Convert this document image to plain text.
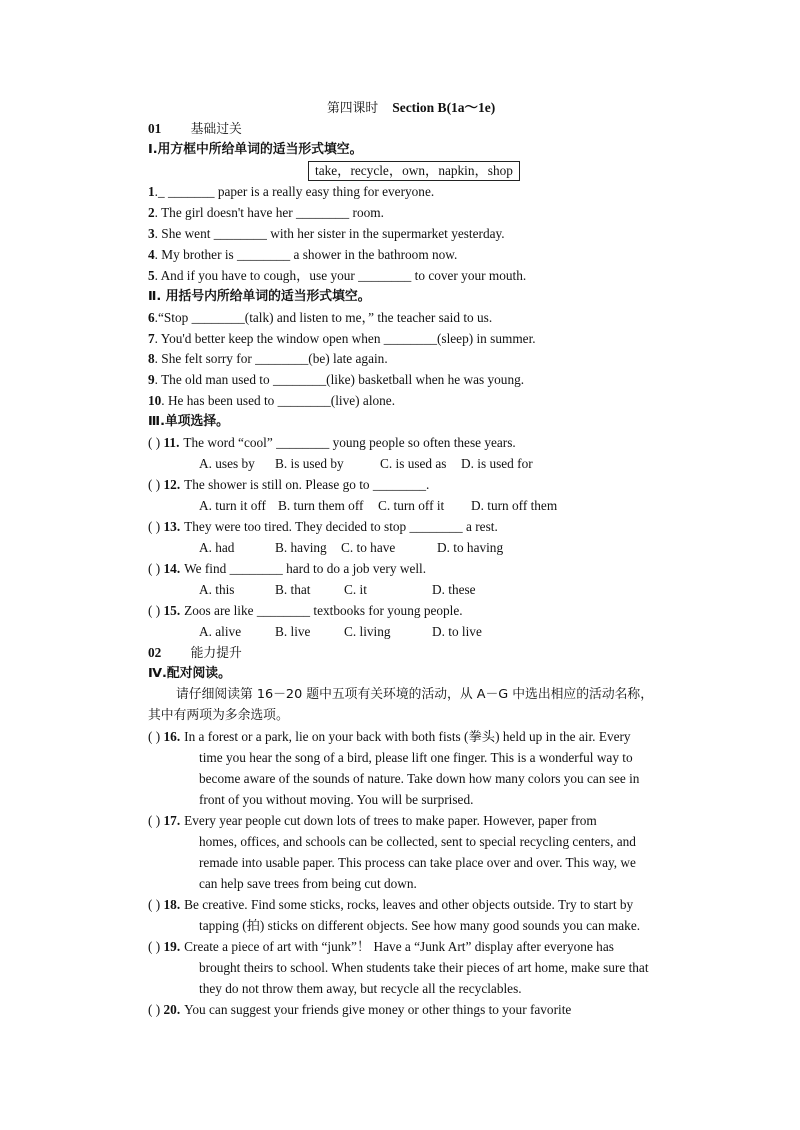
第四课时 Section B(1a～1e)
01 基础过关
Ⅰ.用方框中所给单词的适当形式填空。
take，recycle，own，napkin，shop
1._ _______ paper is a really easy thing for everyone.
2. The girl doesn't have her ________ room.
3. She went ________ with her sister in the supermarket yesterday.
4. My brother is ________ a shower in the bathroom now.
5. And if you have to cough，use your ________ to cover your mouth.
Ⅱ. 用括号内所给单词的适当形式填空。
6.“Stop ________(talk) and listen to me，” the teacher said to us.
7. You'd better keep the window open when ________(sleep) in summer.
8. She felt sorry for ________(be) late again.
9. The old man used to ________(like) basketball when he was young.
10. He has been used to ________(live) alone.
Ⅲ.单项选择。
( ) 11. The word “cool” ________ young people so often these years.
A. uses by B. is used by	C. is used as D. is used for
( ) 12. The shower is still on. Please go to ________.
A. turn it off B. turn them off C. turn off it D. turn off them
( ) 13. They were too tired. They decided to stop ________ a rest.
A. had	B. having C. to have	D. to having
( ) 14. We find ________ hard to do a job very well.
A. this	B. that	C. it	D. these
( ) 15. Zoos are like ________ textbooks for young people.
A. alive	B. live	C. living	D. to live
02 能力提升
Ⅳ.配对阅读。
请仔细阅读第 16－20 题中五项有关环境的活动，从 A－G 中选出相应的活动名称，
其中有两项为多余选项。
( ) 16. In a forest or a park, lie on your back with both fists (拳头) held up in the air. Every
time you hear the song of a bird, please lift one finger. This is a wonderful way to
become aware of the sounds of nature. Take down how many colors you can see in
front of you without moving. You will be surprised.
( ) 17. Every year people cut down lots of trees to make paper. However, paper from
homes, offices, and schools can be collected, sent to special recycling centers, and
remade into usable paper. This process can take place over and over. This way, we
can help save trees from being cut down.
( ) 18. Be creative. Find some sticks, rocks, leaves and other objects outside. Try to start by
tapping (拍) sticks on different objects. See how many good sounds you can make.
( ) 19. Create a piece of art with “junk”！ Have a “Junk Art” display after everyone has
brought theirs to school. When students take their pieces of art home, make sure that
they do not throw them away, but recycle all the recyclables.
( ) 20. You can suggest your friends give money or other things to your favorite
